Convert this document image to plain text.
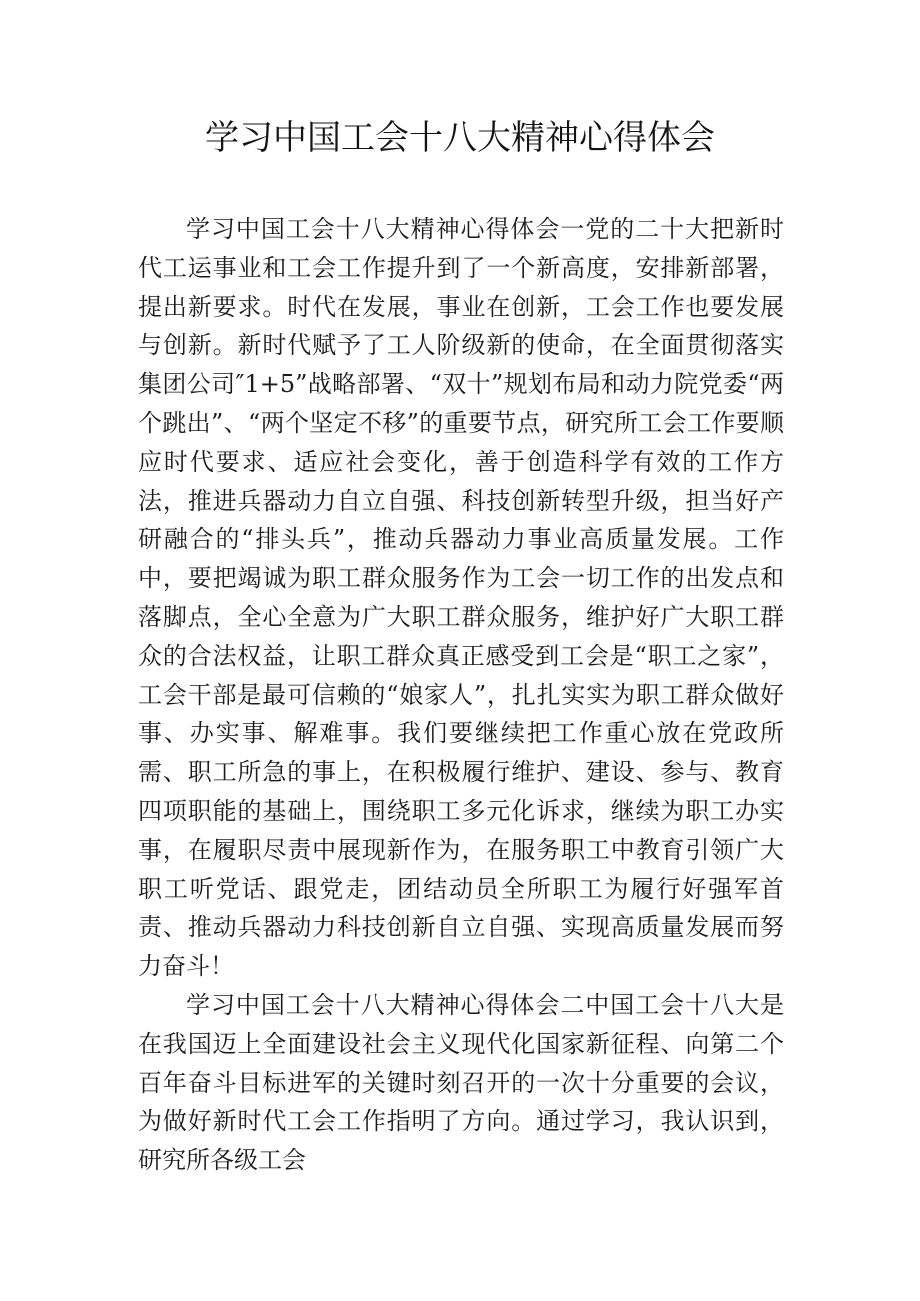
学习中国工会十八大精神心得体会

学习中国工会十八大精神心得体会一党的二十大把新时代工运事业和工会工作提升到了一个新高度，安排新部署，提出新要求。时代在发展，事业在创新，工会工作也要发展与创新。新时代赋予了工人阶级新的使命，在全面贯彻落实集团公司″1+5”战略部署、“双十”规划布局和动力院党委“两个跳出”、“两个坚定不移”的重要节点，研究所工会工作要顺应时代要求、适应社会变化，善于创造科学有效的工作方法，推进兵器动力自立自强、科技创新转型升级，担当好产研融合的“排头兵”，推动兵器动力事业高质量发展。工作中，要把竭诚为职工群众服务作为工会一切工作的出发点和落脚点，全心全意为广大职工群众服务，维护好广大职工群众的合法权益，让职工群众真正感受到工会是“职工之家”，工会干部是最可信赖的“娘家人”，扎扎实实为职工群众做好事、办实事、解难事。我们要继续把工作重心放在党政所需、职工所急的事上，在积极履行维护、建设、参与、教育四项职能的基础上，围绕职工多元化诉求，继续为职工办实事，在履职尽责中展现新作为，在服务职工中教育引领广大职工听党话、跟党走，团结动员全所职工为履行好强军首责、推动兵器动力科技创新自立自强、实现高质量发展而努力奋斗！

学习中国工会十八大精神心得体会二中国工会十八大是在我国迈上全面建设社会主义现代化国家新征程、向第二个百年奋斗目标进军的关键时刻召开的一次十分重要的会议，为做好新时代工会工作指明了方向。通过学习，我认识到，研究所各级工会
